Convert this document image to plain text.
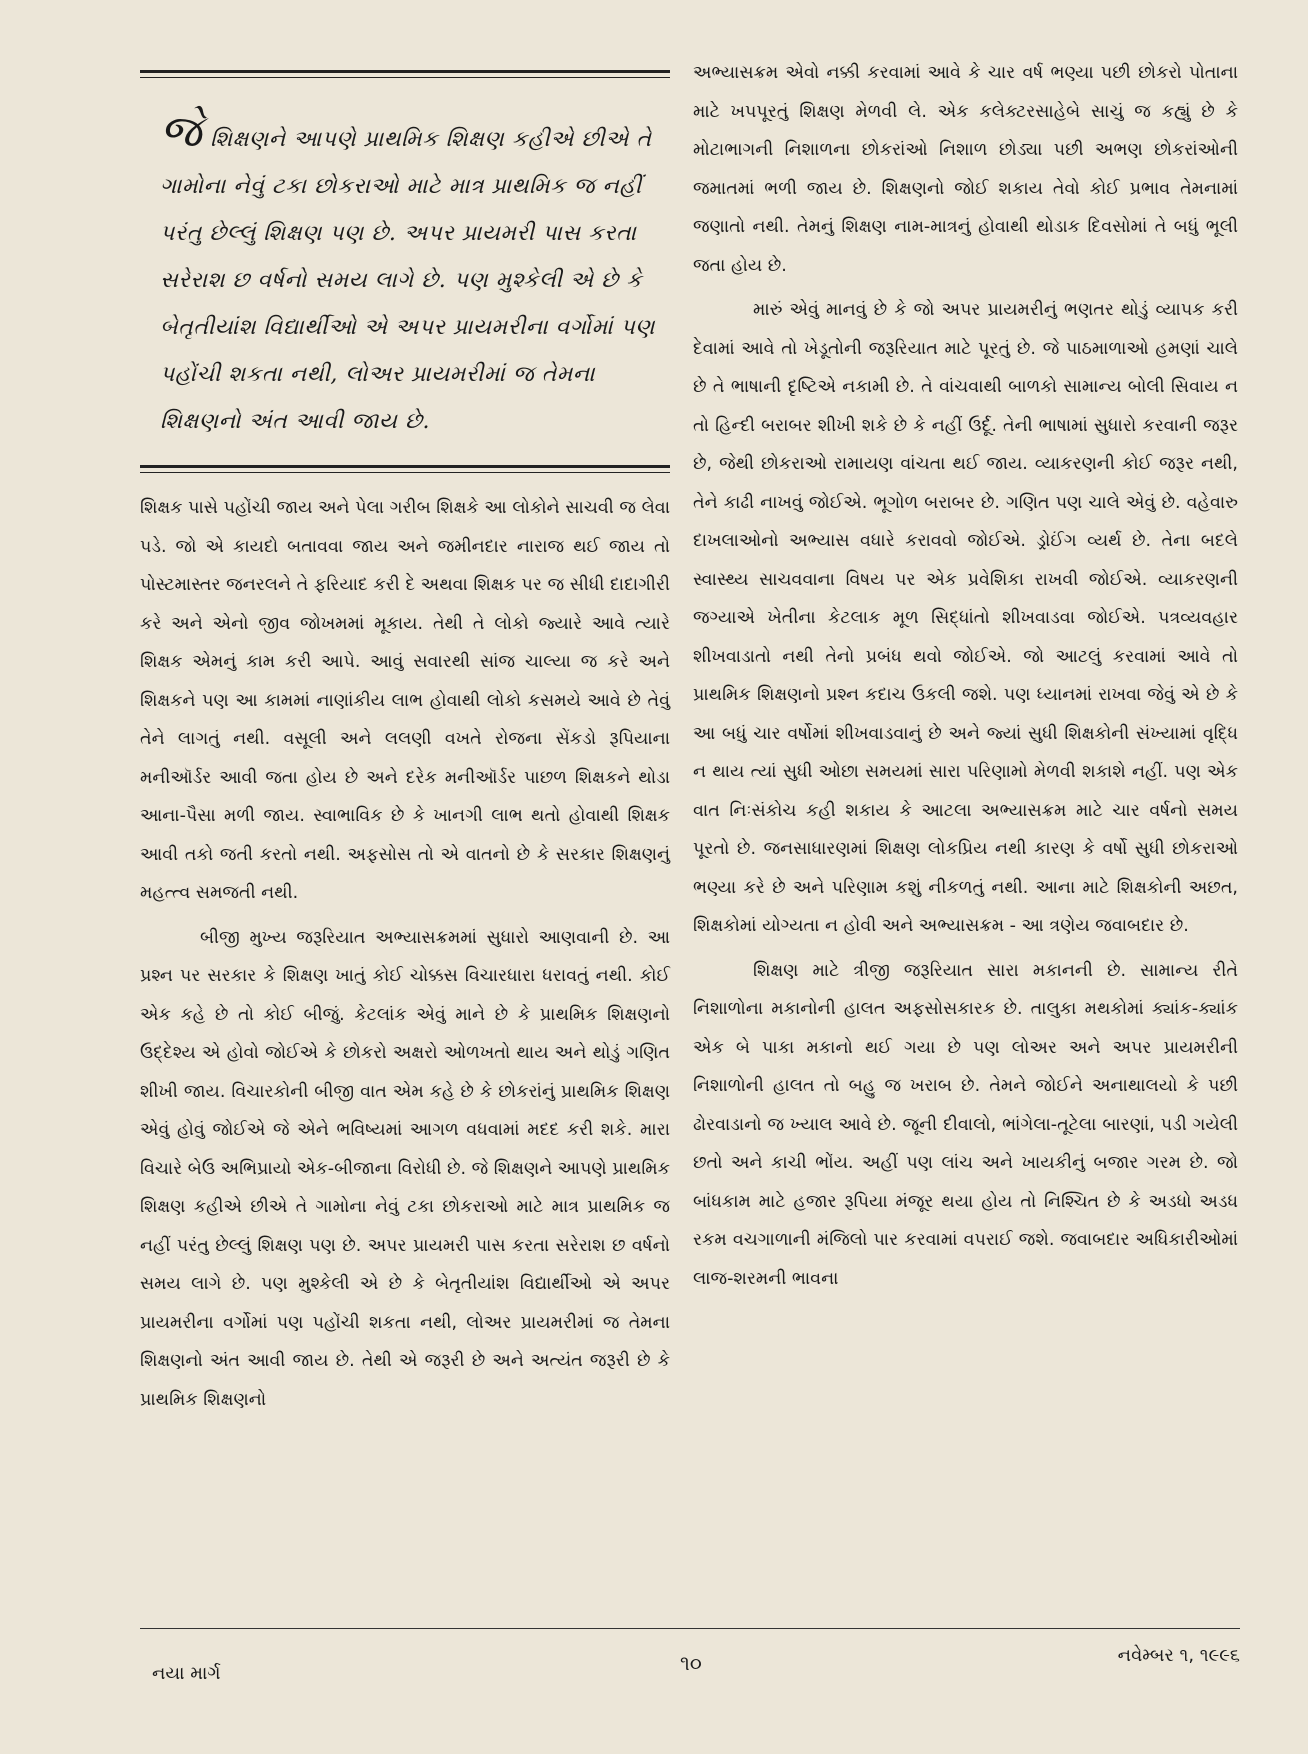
જેશિક્ષણને આપણે પ્રાથમિક શિક્ષણ કહીએ છીએ તે ગામોના નેવું ટકા છોકરાઓ માટે માત્ર પ્રાથમિક જ નહીં પરંતુ છેલ્લું શિક્ષણ પણ છે. અપર પ્રાયમરી પાસ કરતા સરેરાશ છ વર્ષનો સમય લાગે છે. પણ મુશ્કેલી એ છે કે બેતૃતીયાંશ વિદ્યાર્થીઓ એ અપર પ્રાયમરીના વર્ગોમાં પણ પહોંચી શકતા નથી, લોઅર પ્રાયમરીમાં જ તેમના શિક્ષણનો અંત આવી જાય છે.

શિક્ષક પાસે પહોંચી જાય અને પેલા ગરીબ શિક્ષકે આ લોકોને સાચવી જ લેવા પડે. જો એ કાયદો બતાવવા જાય અને જમીનદાર નારાજ થઈ જાય તો પોસ્ટમાસ્તર જનરલને તે ફરિયાદ કરી દે અથવા શિક્ષક પર જ સીધી દાદાગીરી કરે અને એનો જીવ જોખમમાં મૂકાય. તેથી તે લોકો જ્યારે આવે ત્યારે શિક્ષક એમનું કામ કરી આપે. આવું સવારથી સાંજ ચાલ્યા જ કરે અને શિક્ષકને પણ આ કામમાં નાણાંકીય લાભ હોવાથી લોકો કસમયે આવે છે તેવું તેને લાગતું નથી. વસૂલી અને લલણી વખતે રોજના સેંકડો રૂપિયાના મનીઑર્ડર આવી જતા હોય છે અને દરેક મનીઑર્ડર પાછળ શિક્ષકને થોડા આના-પૈસા મળી જાય. સ્વાભાવિક છે કે ખાનગી લાભ થતો હોવાથી શિક્ષક આવી તકો જતી કરતો નથી. અફસોસ તો એ વાતનો છે કે સરકાર શિક્ષણનું મહત્ત્વ સમજતી નથી.

બીજી મુખ્ય જરૂરિયાત અભ્યાસક્રમમાં સુધારો આણવાની છે. આ પ્રશ્ન પર સરકાર કે શિક્ષણ ખાતું કોઈ ચોક્કસ વિચારધારા ધરાવતું નથી. કોઈ એક કહે છે તો કોઈ બીજું. કેટલાંક એવું માને છે કે પ્રાથમિક શિક્ષણનો ઉદ્દેશ્ય એ હોવો જોઈએ કે છોકરો અક્ષરો ઓળખતો થાય અને થોડું ગણિત શીખી જાય. વિચારકોની બીજી વાત એમ કહે છે કે છોકરાંનું પ્રાથમિક શિક્ષણ એવું હોવું જોઈએ જે એને ભવિષ્યમાં આગળ વધવામાં મદદ કરી શકે. મારા વિચારે બેઉ અભિપ્રાયો એક-બીજાના વિરોધી છે. જે શિક્ષણને આપણે પ્રાથમિક શિક્ષણ કહીએ છીએ તે ગામોના નેવું ટકા છોકરાઓ માટે માત્ર પ્રાથમિક જ નહીં પરંતુ છેલ્લું શિક્ષણ પણ છે. અપર પ્રાયમરી પાસ કરતા સરેરાશ છ વર્ષનો સમય લાગે છે. પણ મુશ્કેલી એ છે કે બેતૃતીયાંશ વિદ્યાર્થીઓ એ અપર પ્રાયમરીના વર્ગોમાં પણ પહોંચી શકતા નથી, લોઅર પ્રાયમરીમાં જ તેમના શિક્ષણનો અંત આવી જાય છે. તેથી એ જરૂરી છે અને અત્યંત જરૂરી છે કે પ્રાથમિક શિક્ષણનો

અભ્યાસક્રમ એવો નક્કી કરવામાં આવે કે ચાર વર્ષ ભણ્યા પછી છોકરો પોતાના માટે ખપપૂરતું શિક્ષણ મેળવી લે. એક કલેક્ટરસાહેબે સાચું જ કહ્યું છે કે મોટાભાગની નિશાળના છોકરાંઓ નિશાળ છોડ્યા પછી અભણ છોકરાંઓની જમાતમાં ભળી જાય છે. શિક્ષણનો જોઈ શકાય તેવો કોઈ પ્રભાવ તેમનામાં જણાતો નથી. તેમનું શિક્ષણ નામ-માત્રનું હોવાથી થોડાક દિવસોમાં તે બધું ભૂલી જતા હોય છે.

મારું એવું માનવું છે કે જો અપર પ્રાયમરીનું ભણતર થોડું વ્યાપક કરી દેવામાં આવે તો ખેડૂતોની જરૂરિયાત માટે પૂરતું છે. જે પાઠમાળાઓ હમણાં ચાલે છે તે ભાષાની દૃષ્ટિએ નકામી છે. તે વાંચવાથી બાળકો સામાન્ય બોલી સિવાય ન તો હિન્દી બરાબર શીખી શકે છે કે નહીં ઉર્દૂ. તેની ભાષામાં સુધારો કરવાની જરૂર છે, જેથી છોકરાઓ રામાયણ વાંચતા થઈ જાય. વ્યાકરણની કોઈ જરૂર નથી, તેને કાઢી નાખવું જોઈએ. ભૂગોળ બરાબર છે. ગણિત પણ ચાલે એવું છે. વહેવારુ દાખલાઓનો અભ્યાસ વધારે કરાવવો જોઈએ. ડ્રોઈંગ વ્યર્થ છે. તેના બદલે સ્વાસ્થ્ય સાચવવાના વિષય પર એક પ્રવેશિકા રાખવી જોઈએ. વ્યાકરણની જગ્યાએ ખેતીના કેટલાક મૂળ સિદ્ધાંતો શીખવાડવા જોઈએ. પત્રવ્યવહાર શીખવાડાતો નથી તેનો પ્રબંધ થવો જોઈએ. જો આટલું કરવામાં આવે તો પ્રાથમિક શિક્ષણનો પ્રશ્ન કદાચ ઉકલી જશે. પણ ધ્યાનમાં રાખવા જેવું એ છે કે આ બધું ચાર વર્ષોમાં શીખવાડવાનું છે અને જ્યાં સુધી શિક્ષકોની સંખ્યામાં વૃદ્ધિ ન થાય ત્યાં સુધી ઓછા સમયમાં સારા પરિણામો મેળવી શકાશે નહીં. પણ એક વાત નિઃસંકોચ કહી શકાય કે આટલા અભ્યાસક્રમ માટે ચાર વર્ષનો સમય પૂરતો છે. જનસાધારણમાં શિક્ષણ લોકપ્રિય નથી કારણ કે વર્ષો સુધી છોકરાઓ ભણ્યા કરે છે અને પરિણામ કશું નીકળતું નથી. આના માટે શિક્ષકોની અછત, શિક્ષકોમાં યોગ્યતા ન હોવી અને અભ્યાસક્રમ - આ ત્રણેય જવાબદાર છે.

શિક્ષણ માટે ત્રીજી જરૂરિયાત સારા મકાનની છે. સામાન્ય રીતે નિશાળોના મકાનોની હાલત અફસોસકારક છે. તાલુકા મથકોમાં ક્યાંક-ક્યાંક એક બે પાકા મકાનો થઈ ગયા છે પણ લોઅર અને અપર પ્રાયમરીની નિશાળોની હાલત તો બહુ જ ખરાબ છે. તેમને જોઈને અનાથાલયો કે પછી ઢોરવાડાનો જ ખ્યાલ આવે છે. જૂની દીવાલો, ભાંગેલા-તૂટેલા બારણાં, પડી ગયેલી છતો અને કાચી ભોંય. અહીં પણ લાંચ અને ખાયકીનું બજાર ગરમ છે. જો બાંધકામ માટે હજાર રૂપિયા મંજૂર થયા હોય તો નિશ્ચિત છે કે અડધો અડધ રકમ વચગાળાની મંજિલો પાર કરવામાં વપરાઈ જશે. જવાબદાર અધિકારીઓમાં લાજ-શરમની ભાવના

નયા માર્ગ	૧૦	નવેમ્બર ૧, ૧૯૯૬
